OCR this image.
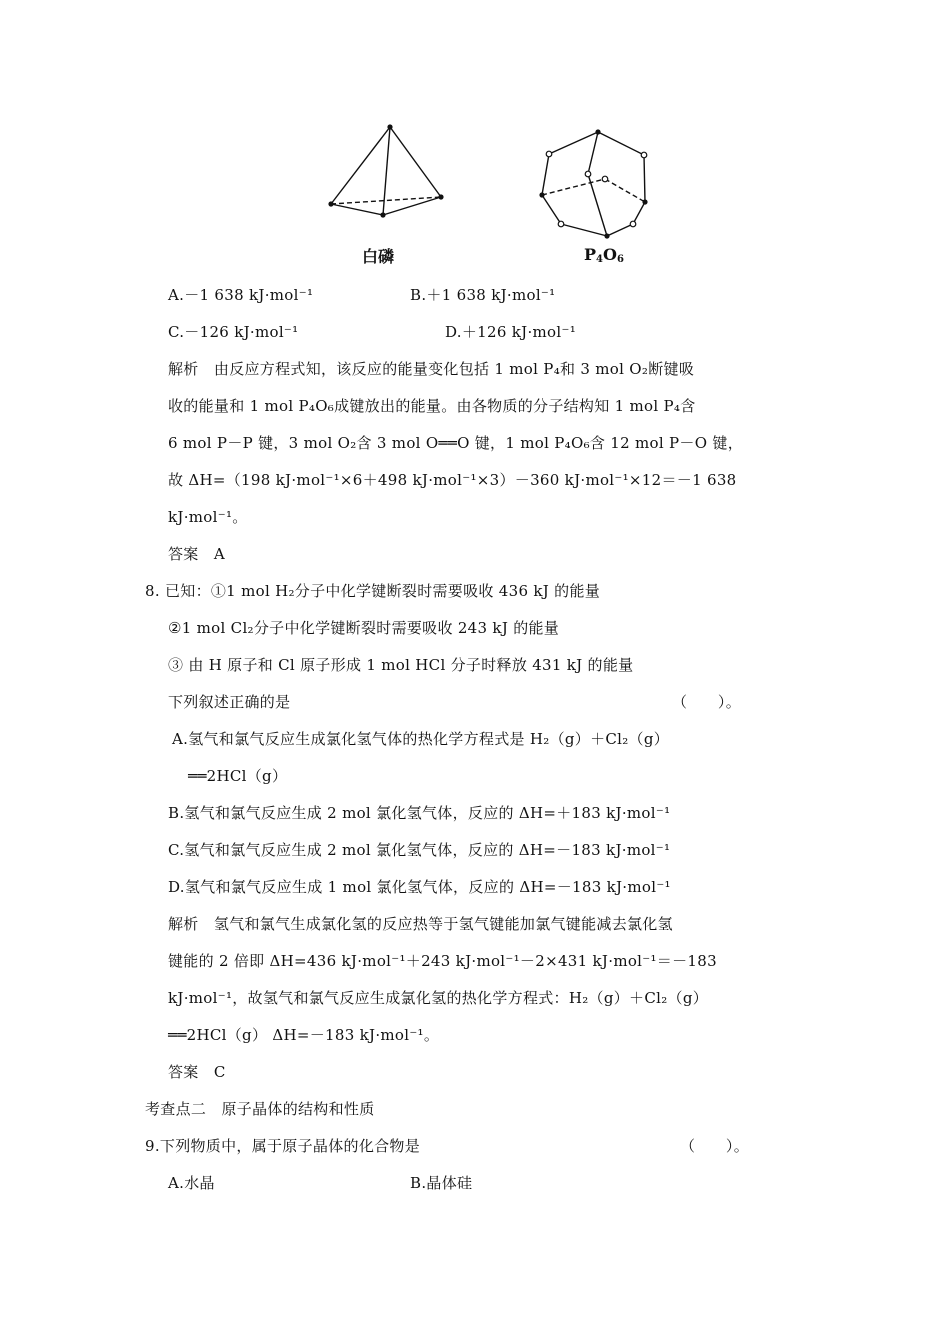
白磷	$P_4O_6$
A.－1 638 kJ·mol⁻¹	B.＋1 638 kJ·mol⁻¹
C.－126 kJ·mol⁻¹	D.＋126 kJ·mol⁻¹
解析　由反应方程式知，该反应的能量变化包括 1 mol P₄和 3 mol O₂断键吸
收的能量和 1 mol P₄O₆成键放出的能量。由各物质的分子结构知 1 mol P₄含
6 mol P－P 键，3 mol O₂含 3 mol O══O 键，1 mol P₄O₆含 12 mol P－O 键，
故 ΔH=（198 kJ·mol⁻¹×6＋498 kJ·mol⁻¹×3）－360 kJ·mol⁻¹×12＝－1 638
kJ·mol⁻¹。
答案　A
8. 已知：①1 mol H₂分子中化学键断裂时需要吸收 436 kJ 的能量
②1 mol Cl₂分子中化学键断裂时需要吸收 243 kJ 的能量
③ 由 H 原子和 Cl 原子形成 1 mol HCl 分子时释放 431 kJ 的能量
下列叙述正确的是	（　　）。
A.氢气和氯气反应生成氯化氢气体的热化学方程式是 H₂（g）＋Cl₂（g）
══2HCl（g）
B.氢气和氯气反应生成 2 mol 氯化氢气体，反应的 ΔH=＋183 kJ·mol⁻¹
C.氢气和氯气反应生成 2 mol 氯化氢气体，反应的 ΔH=－183 kJ·mol⁻¹
D.氢气和氯气反应生成 1 mol 氯化氢气体，反应的 ΔH=－183 kJ·mol⁻¹
解析　氢气和氯气生成氯化氢的反应热等于氢气键能加氯气键能减去氯化氢
键能的 2 倍即 ΔH=436 kJ·mol⁻¹＋243 kJ·mol⁻¹－2×431 kJ·mol⁻¹＝－183
kJ·mol⁻¹，故氢气和氯气反应生成氯化氢的热化学方程式：H₂（g）＋Cl₂（g）
══2HCl（g） ΔH=－183 kJ·mol⁻¹。
答案　C
考查点二　原子晶体的结构和性质
9.下列物质中，属于原子晶体的化合物是	（　　）。
A.水晶	B.晶体硅
